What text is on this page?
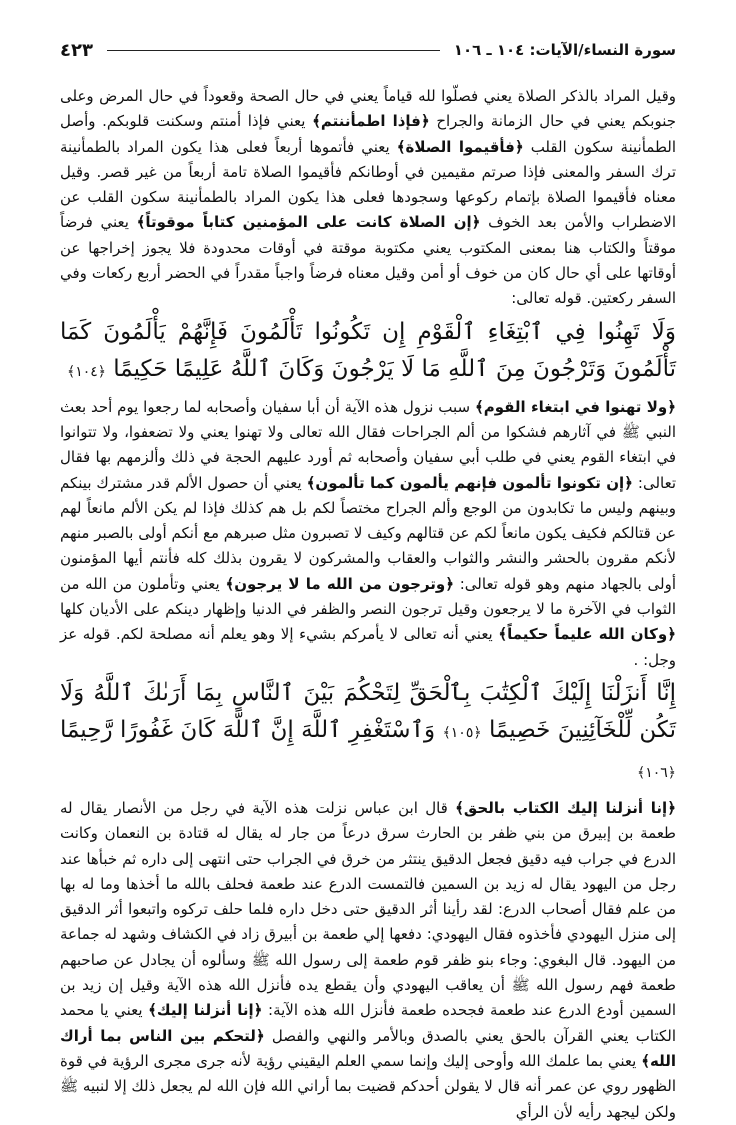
سورة النساء/الآيات: ١٠٤ ـ ١٠٦
٤٢٣

وقيل المراد بالذكر الصلاة يعني فصلّوا لله قياماً يعني في حال الصحة وقعوداً في حال المرض وعلى جنوبكم يعني في حال الزمانة والجراح ﴿فإذا اطمأننتم﴾ يعني فإذا أمنتم وسكنت قلوبكم. وأصل الطمأنينة سكون القلب ﴿فأقيموا الصلاة﴾ يعني فأتموها أربعاً فعلى هذا يكون المراد بالطمأنينة ترك السفر والمعنى فإذا صرتم مقيمين في أوطانكم فأقيموا الصلاة تامة أربعاً من غير قصر. وقيل معناه فأقيموا الصلاة بإتمام ركوعها وسجودها فعلى هذا يكون المراد بالطمأنينة سكون القلب عن الاضطراب والأمن بعد الخوف ﴿إن الصلاة كانت على المؤمنين كتاباً موقوتاً﴾ يعني فرضاً موقتاً والكتاب هنا بمعنى المكتوب يعني مكتوبة موقتة في أوقات محدودة فلا يجوز إخراجها عن أوقاتها على أي حال كان من خوف أو أمن وقيل معناه فرضاً واجباً مقدراً في الحضر أربع ركعات وفي السفر ركعتين. قوله تعالى:

وَلَا تَهِنُوا فِي ٱبْتِغَاءِ ٱلْقَوْمِ إِن تَكُونُوا تَأْلَمُونَ فَإِنَّهُمْ يَأْلَمُونَ كَمَا تَأْلَمُونَ وَتَرْجُونَ مِنَ ٱللَّهِ مَا لَا يَرْجُونَ وَكَانَ ٱللَّهُ عَلِيمًا حَكِيمًا ﴿١٠٤﴾

﴿ولا تهنوا في ابتغاء القوم﴾ سبب نزول هذه الآية أن أبا سفيان وأصحابه لما رجعوا يوم أحد بعث النبي ﷺ في آثارهم فشكوا من ألم الجراحات فقال الله تعالى ولا تهنوا يعني ولا تضعفوا، ولا تتوانوا في ابتغاء القوم يعني في طلب أبي سفيان وأصحابه ثم أورد عليهم الحجة في ذلك وألزمهم بها فقال تعالى: ﴿إن تكونوا تألمون فإنهم يألمون كما تألمون﴾ يعني أن حصول الألم قدر مشترك بينكم وبينهم وليس ما تكابدون من الوجع وألم الجراح مختصاً لكم بل هم كذلك فإذا لم يكن الألم مانعاً لهم عن قتالكم فكيف يكون مانعاً لكم عن قتالهم وكيف لا تصبرون مثل صبرهم مع أنكم أولى بالصبر منهم لأنكم مقرون بالحشر والنشر والثواب والعقاب والمشركون لا يقرون بذلك كله فأنتم أيها المؤمنون أولى بالجهاد منهم وهو قوله تعالى: ﴿وترجون من الله ما لا يرجون﴾ يعني وتأملون من الله من الثواب في الآخرة ما لا يرجعون وقيل ترجون النصر والظفر في الدنيا وإظهار دينكم على الأديان كلها ﴿وكان الله عليماً حكيماً﴾ يعني أنه تعالى لا يأمركم بشيء إلا وهو يعلم أنه مصلحة لكم. قوله عز وجل: .

إِنَّا أَنزَلْنَا إِلَيْكَ ٱلْكِتَٰبَ بِٱلْحَقِّ لِتَحْكُمَ بَيْنَ ٱلنَّاسِ بِمَا أَرَىٰكَ ٱللَّهُ وَلَا تَكُن لِّلْخَآئِنِينَ خَصِيمًا ﴿١٠٥﴾ وَٱسْتَغْفِرِ ٱللَّهَ إِنَّ ٱللَّهَ كَانَ غَفُورًا رَّحِيمًا ﴿١٠٦﴾

﴿إنا أنزلنا إليك الكتاب بالحق﴾ قال ابن عباس نزلت هذه الآية في رجل من الأنصار يقال له طعمة بن إبيرق من بني ظفر بن الحارث سرق درعاً من جار له يقال له قتادة بن النعمان وكانت الدرع في جراب فيه دقيق فجعل الدقيق ينتثر من خرق في الجراب حتى انتهى إلى داره ثم خبأها عند رجل من اليهود يقال له زيد بن السمين فالتمست الدرع عند طعمة فحلف بالله ما أخذها وما له بها من علم فقال أصحاب الدرع: لقد رأينا أثر الدقيق حتى دخل داره فلما حلف تركوه واتبعوا أثر الدقيق إلى منزل اليهودي فأخذوه فقال اليهودي: دفعها إلي طعمة بن أبيرق زاد في الكشاف وشهد له جماعة من اليهود. قال البغوي: وجاء بنو ظفر قوم طعمة إلى رسول الله ﷺ وسألوه أن يجادل عن صاحبهم طعمة فهم رسول الله ﷺ أن يعاقب اليهودي وأن يقطع يده فأنزل الله هذه الآية وقيل إن زيد بن السمين أودع الدرع عند طعمة فجحده طعمة فأنزل الله هذه الآية: ﴿إنا أنزلنا إليك﴾ يعني يا محمد الكتاب يعني القرآن بالحق يعني بالصدق وبالأمر والنهي والفصل ﴿لتحكم بين الناس بما أراك الله﴾ يعني بما علمك الله وأوحى إليك وإنما سمي العلم اليقيني رؤية لأنه جرى مجرى الرؤية في قوة الظهور روي عن عمر أنه قال لا يقولن أحدكم قضيت بما أراني الله فإن الله لم يجعل ذلك إلا لنبيه ﷺ ولكن ليجهد رأيه لأن الرأي
